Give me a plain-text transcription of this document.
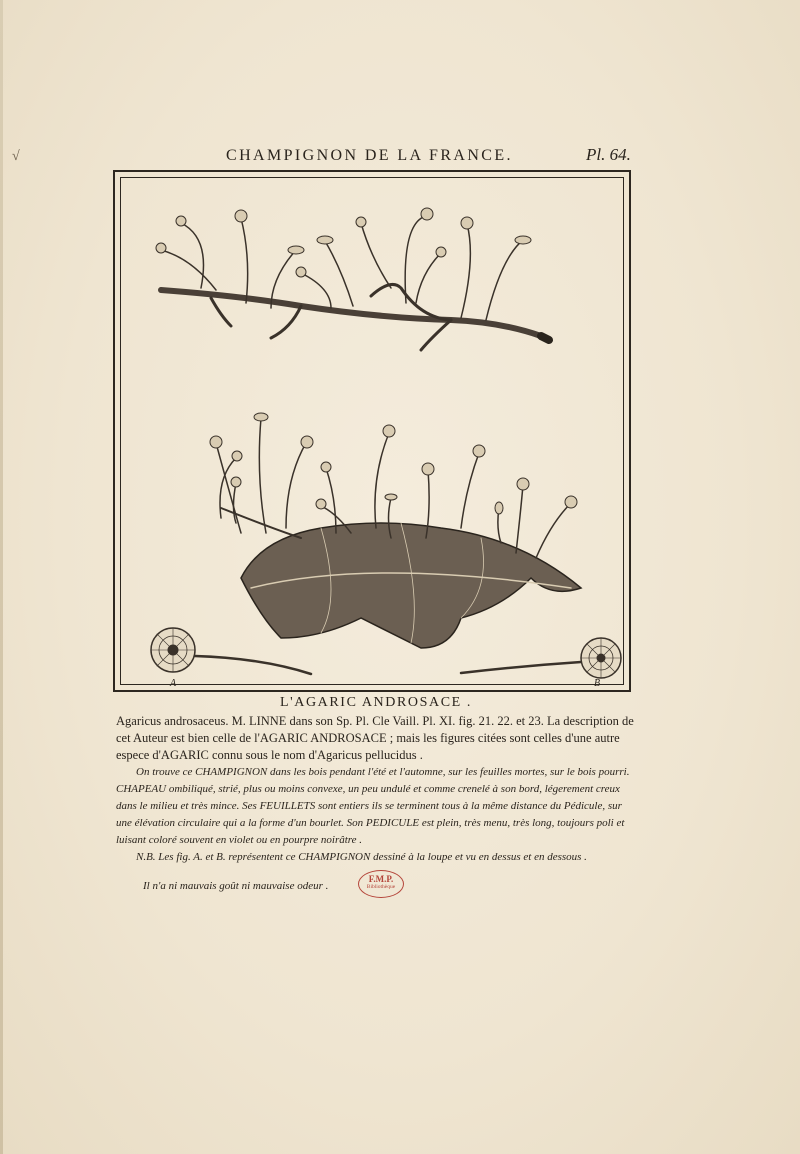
√	CHAMPIGNON DE LA FRANCE.	Pl. 64.
A	B
L'AGARIC ANDROSACE .

Agaricus androsaceus. M. LINNE dans son Sp. Pl. Cle Vaill. Pl. XI. fig. 21. 22. et 23. La description de cet Auteur est bien celle de l'AGARIC ANDROSACE ; mais les figures citées sont celles d'une autre espece d'AGARIC connu sous le nom d'Agaricus pellucidus .

On trouve ce CHAMPIGNON dans les bois pendant l'été et l'automne, sur les feuilles mortes, sur le bois pourri. CHAPEAU ombiliqué, strié, plus ou moins convexe, un peu undulé et comme crenelé à son bord, légerement creux dans le milieu et très mince. Ses FEUILLETS sont entiers ils se terminent tous à la même distance du Pédicule, sur une élévation circulaire qui a la forme d'un bourlet. Son PEDICULE est plein, très menu, très long, toujours poli et luisant coloré souvent en violet ou en pourpre noirâtre .

N.B. Les fig. A. et B. représentent ce CHAMPIGNON dessiné à la loupe et vu en dessus et en dessous .

Il n'a ni mauvais goût ni mauvaise odeur .
F.M.P.
Bibliothèque
